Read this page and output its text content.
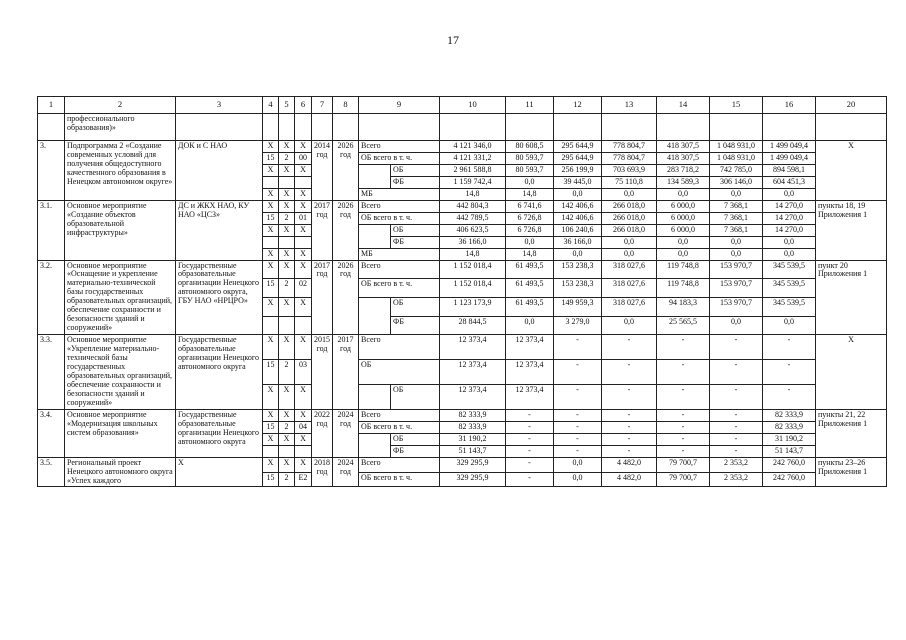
17
1	2	3	4	5	6	7	8	9		10	11	12	13	14	15	16	20
	профессионального образования)»																
3.	Подпрограмма 2 «Создание современных условий для получения общедоступного качественного образования в Ненецком автономном округе»	ДОК и С НАО	Х	Х	Х	2014 год	2026 год	Всего		4 121 346,0	80 608,5	295 644,9	778 804,7	418 307,5	1 048 931,0	1 499 049,4	Х
			15	2	00			ОБ всего в т. ч.		4 121 331,2	80 593,7	295 644,9	778 804,7	418 307,5	1 048 931,0	1 499 049,4	
			Х	Х	Х				ОБ	2 961 588,8	80 593,7	256 199,9	703 693,9	283 718,2	742 785,0	894 598,1	
									ФБ	1 159 742,4	0,0	39 445,0	75 110,8	134 589,3	306 146,0	604 451,3	
			Х	Х	Х			МБ		14,8	14,8	0,0	0,0	0,0	0,0	0,0	
3.1.	Основное мероприятие «Создание объектов образовательной инфраструктуры»	ДС и ЖКХ НАО, КУ НАО «ЦСЗ»	Х	Х	Х	2017 год	2026 год	Всего		442 804,3	6 741,6	142 406,6	266 018,0	6 000,0	7 368,1	14 270,0	пункты 18, 19 Приложения 1
			15	2	01			ОБ всего в т. ч.		442 789,5	6 726,8	142 406,6	266 018,0	6 000,0	7 368,1	14 270,0	
			Х	Х	Х				ОБ	406 623,5	6 726,8	106 240,6	266 018,0	6 000,0	7 368,1	14 270,0	
									ФБ	36 166,0	0,0	36 166,0	0,0	0,0	0,0	0,0	
			Х	Х	Х			МБ		14,8	14,8	0,0	0,0	0,0	0,0	0,0	
3.2.	Основное мероприятие «Оснащение и укрепление материально-технической базы государственных образовательных организаций, обеспечение сохранности и безопасности зданий и сооружений»	Государственные образовательные организации Ненецкого автономного округа, ГБУ НАО «НРЦРО»	Х	Х	Х	2017 год	2026 год	Всего		1 152 018,4	61 493,5	153 238,3	318 027,6	119 748,8	153 970,7	345 539,5	пункт 20 Приложения 1
			15	2	02			ОБ всего в т. ч.		1 152 018,4	61 493,5	153 238,3	318 027,6	119 748,8	153 970,7	345 539,5	
			Х	Х	Х				ОБ	1 123 173,9	61 493,5	149 959,3	318 027,6	94 183,3	153 970,7	345 539,5	
									ФБ	28 844,5	0,0	3 279,0	0,0	25 565,5	0,0	0,0	
3.3.	Основное мероприятие «Укрепление материально-технической базы государственных образовательных организаций, обеспечение сохранности и безопасности зданий и сооружений»	Государственные образовательные организации Ненецкого автономного округа	Х	Х	Х	2015 год	2017 год	Всего		12 373,4	12 373,4	-	-	-	-	-	Х
			15	2	03			ОБ		12 373,4	12 373,4	-	-	-	-	-	
			Х	Х	Х				ОБ	12 373,4	12 373,4	-	-	-	-	-	
3.4.	Основное мероприятие «Модернизация школьных систем образования»	Государственные образовательные организации Ненецкого автономного округа	Х	Х	Х	2022 год	2024 год	Всего		82 333,9	-	-	-	-	-	82 333,9	пункты 21, 22 Приложения 1
			15	2	04			ОБ всего в т. ч.		82 333,9	-	-	-	-	-	82 333,9	
			Х	Х	Х				ОБ	31 190,2	-	-	-	-	-	31 190,2	
									ФБ	51 143,7	-	-	-	-	-	51 143,7	
3.5.	Региональный проект Ненецкого автономного округа «Успех каждого	Х	Х	Х	Х	2018 год	2024 год	Всего		329 295,9	-	0,0	4 482,0	79 700,7	2 353,2	242 760,0	пункты 23–26 Приложения 1
			15	2	Е2			ОБ всего в т. ч.		329 295,9	-	0,0	4 482,0	79 700,7	2 353,2	242 760,0	
